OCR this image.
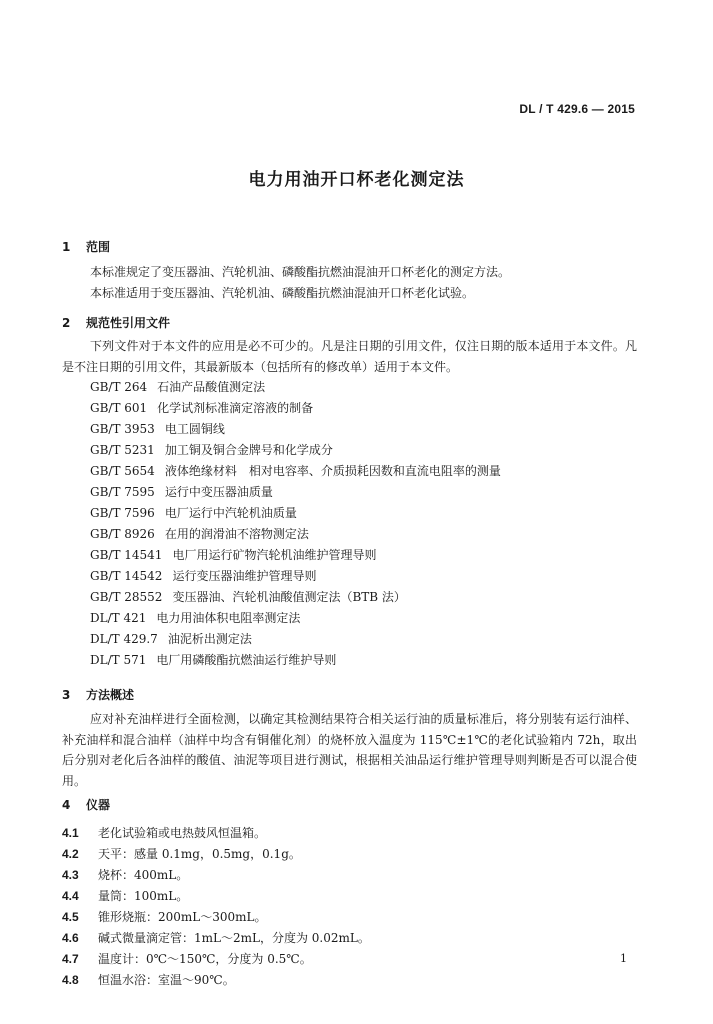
DL / T 429.6 — 2015
电力用油开口杯老化测定法
1 范围
本标准规定了变压器油、汽轮机油、磷酸酯抗燃油混油开口杯老化的测定方法。
本标准适用于变压器油、汽轮机油、磷酸酯抗燃油混油开口杯老化试验。
2 规范性引用文件

下列文件对于本文件的应用是必不可少的。凡是注日期的引用文件，仅注日期的版本适用于本文件。凡是不注日期的引用文件，其最新版本（包括所有的修改单）适用于本文件。

GB/T 264 石油产品酸值测定法
GB/T 601 化学试剂标准滴定溶液的制备
GB/T 3953 电工圆铜线
GB/T 5231 加工铜及铜合金牌号和化学成分
GB/T 5654 液体绝缘材料　相对电容率、介质损耗因数和直流电阻率的测量
GB/T 7595 运行中变压器油质量
GB/T 7596 电厂运行中汽轮机油质量
GB/T 8926 在用的润滑油不溶物测定法
GB/T 14541 电厂用运行矿物汽轮机油维护管理导则
GB/T 14542 运行变压器油维护管理导则
GB/T 28552 变压器油、汽轮机油酸值测定法（BTB 法）
DL/T 421 电力用油体积电阻率测定法
DL/T 429.7 油泥析出测定法
DL/T 571 电厂用磷酸酯抗燃油运行维护导则
3 方法概述

应对补充油样进行全面检测，以确定其检测结果符合相关运行油的质量标准后，将分别装有运行油样、补充油样和混合油样（油样中均含有铜催化剂）的烧杯放入温度为 115℃±1℃的老化试验箱内 72h，取出后分别对老化后各油样的酸值、油泥等项目进行测试，根据相关油品运行维护管理导则判断是否可以混合使用。

4 仪器
4.1 老化试验箱或电热鼓风恒温箱。
4.2 天平：感量 0.1mg，0.5mg，0.1g。
4.3 烧杯：400mL。
4.4 量筒：100mL。
4.5 锥形烧瓶：200mL～300mL。
4.6 碱式微量滴定管：1mL～2mL，分度为 0.02mL。
4.7 温度计：0℃～150℃，分度为 0.5℃。
4.8 恒温水浴：室温～90℃。
1
